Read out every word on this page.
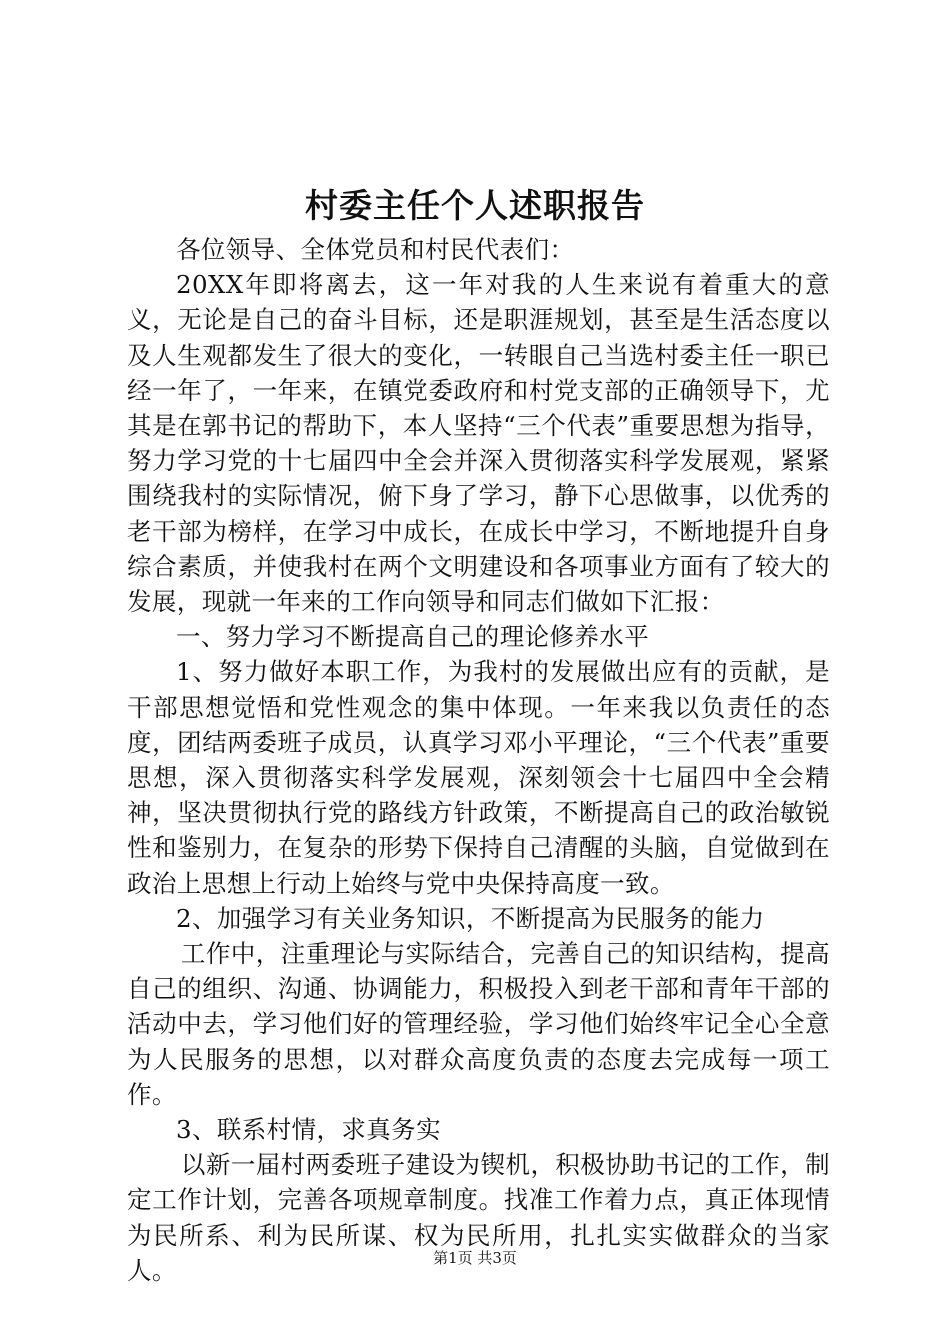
村委主任个人述职报告

各位领导、全体党员和村民代表们：

20XX年即将离去，这一年对我的人生来说有着重大的意义，无论是自己的奋斗目标，还是职涯规划，甚至是生活态度以及人生观都发生了很大的变化，一转眼自己当选村委主任一职已经一年了，一年来，在镇党委政府和村党支部的正确领导下，尤其是在郭书记的帮助下，本人坚持“三个代表”重要思想为指导，努力学习党的十七届四中全会并深入贯彻落实科学发展观，紧紧围绕我村的实际情况，俯下身了学习，静下心思做事，以优秀的老干部为榜样，在学习中成长，在成长中学习，不断地提升自身综合素质，并使我村在两个文明建设和各项事业方面有了较大的发展，现就一年来的工作向领导和同志们做如下汇报：

一、努力学习不断提高自己的理论修养水平

1、努力做好本职工作，为我村的发展做出应有的贡献，是干部思想觉悟和党性观念的集中体现。一年来我以负责任的态度，团结两委班子成员，认真学习邓小平理论，“三个代表”重要思想，深入贯彻落实科学发展观，深刻领会十七届四中全会精神，坚决贯彻执行党的路线方针政策，不断提高自己的政治敏锐性和鉴别力，在复杂的形势下保持自己清醒的头脑，自觉做到在政治上思想上行动上始终与党中央保持高度一致。

2、加强学习有关业务知识，不断提高为民服务的能力

工作中，注重理论与实际结合，完善自己的知识结构，提高自己的组织、沟通、协调能力，积极投入到老干部和青年干部的活动中去，学习他们好的管理经验，学习他们始终牢记全心全意为人民服务的思想，以对群众高度负责的态度去完成每一项工作。

3、联系村情，求真务实

以新一届村两委班子建设为锲机，积极协助书记的工作，制定工作计划，完善各项规章制度。找准工作着力点，真正体现情为民所系、利为民所谋、权为民所用，扎扎实实做群众的当家人。	第1页 共3页
